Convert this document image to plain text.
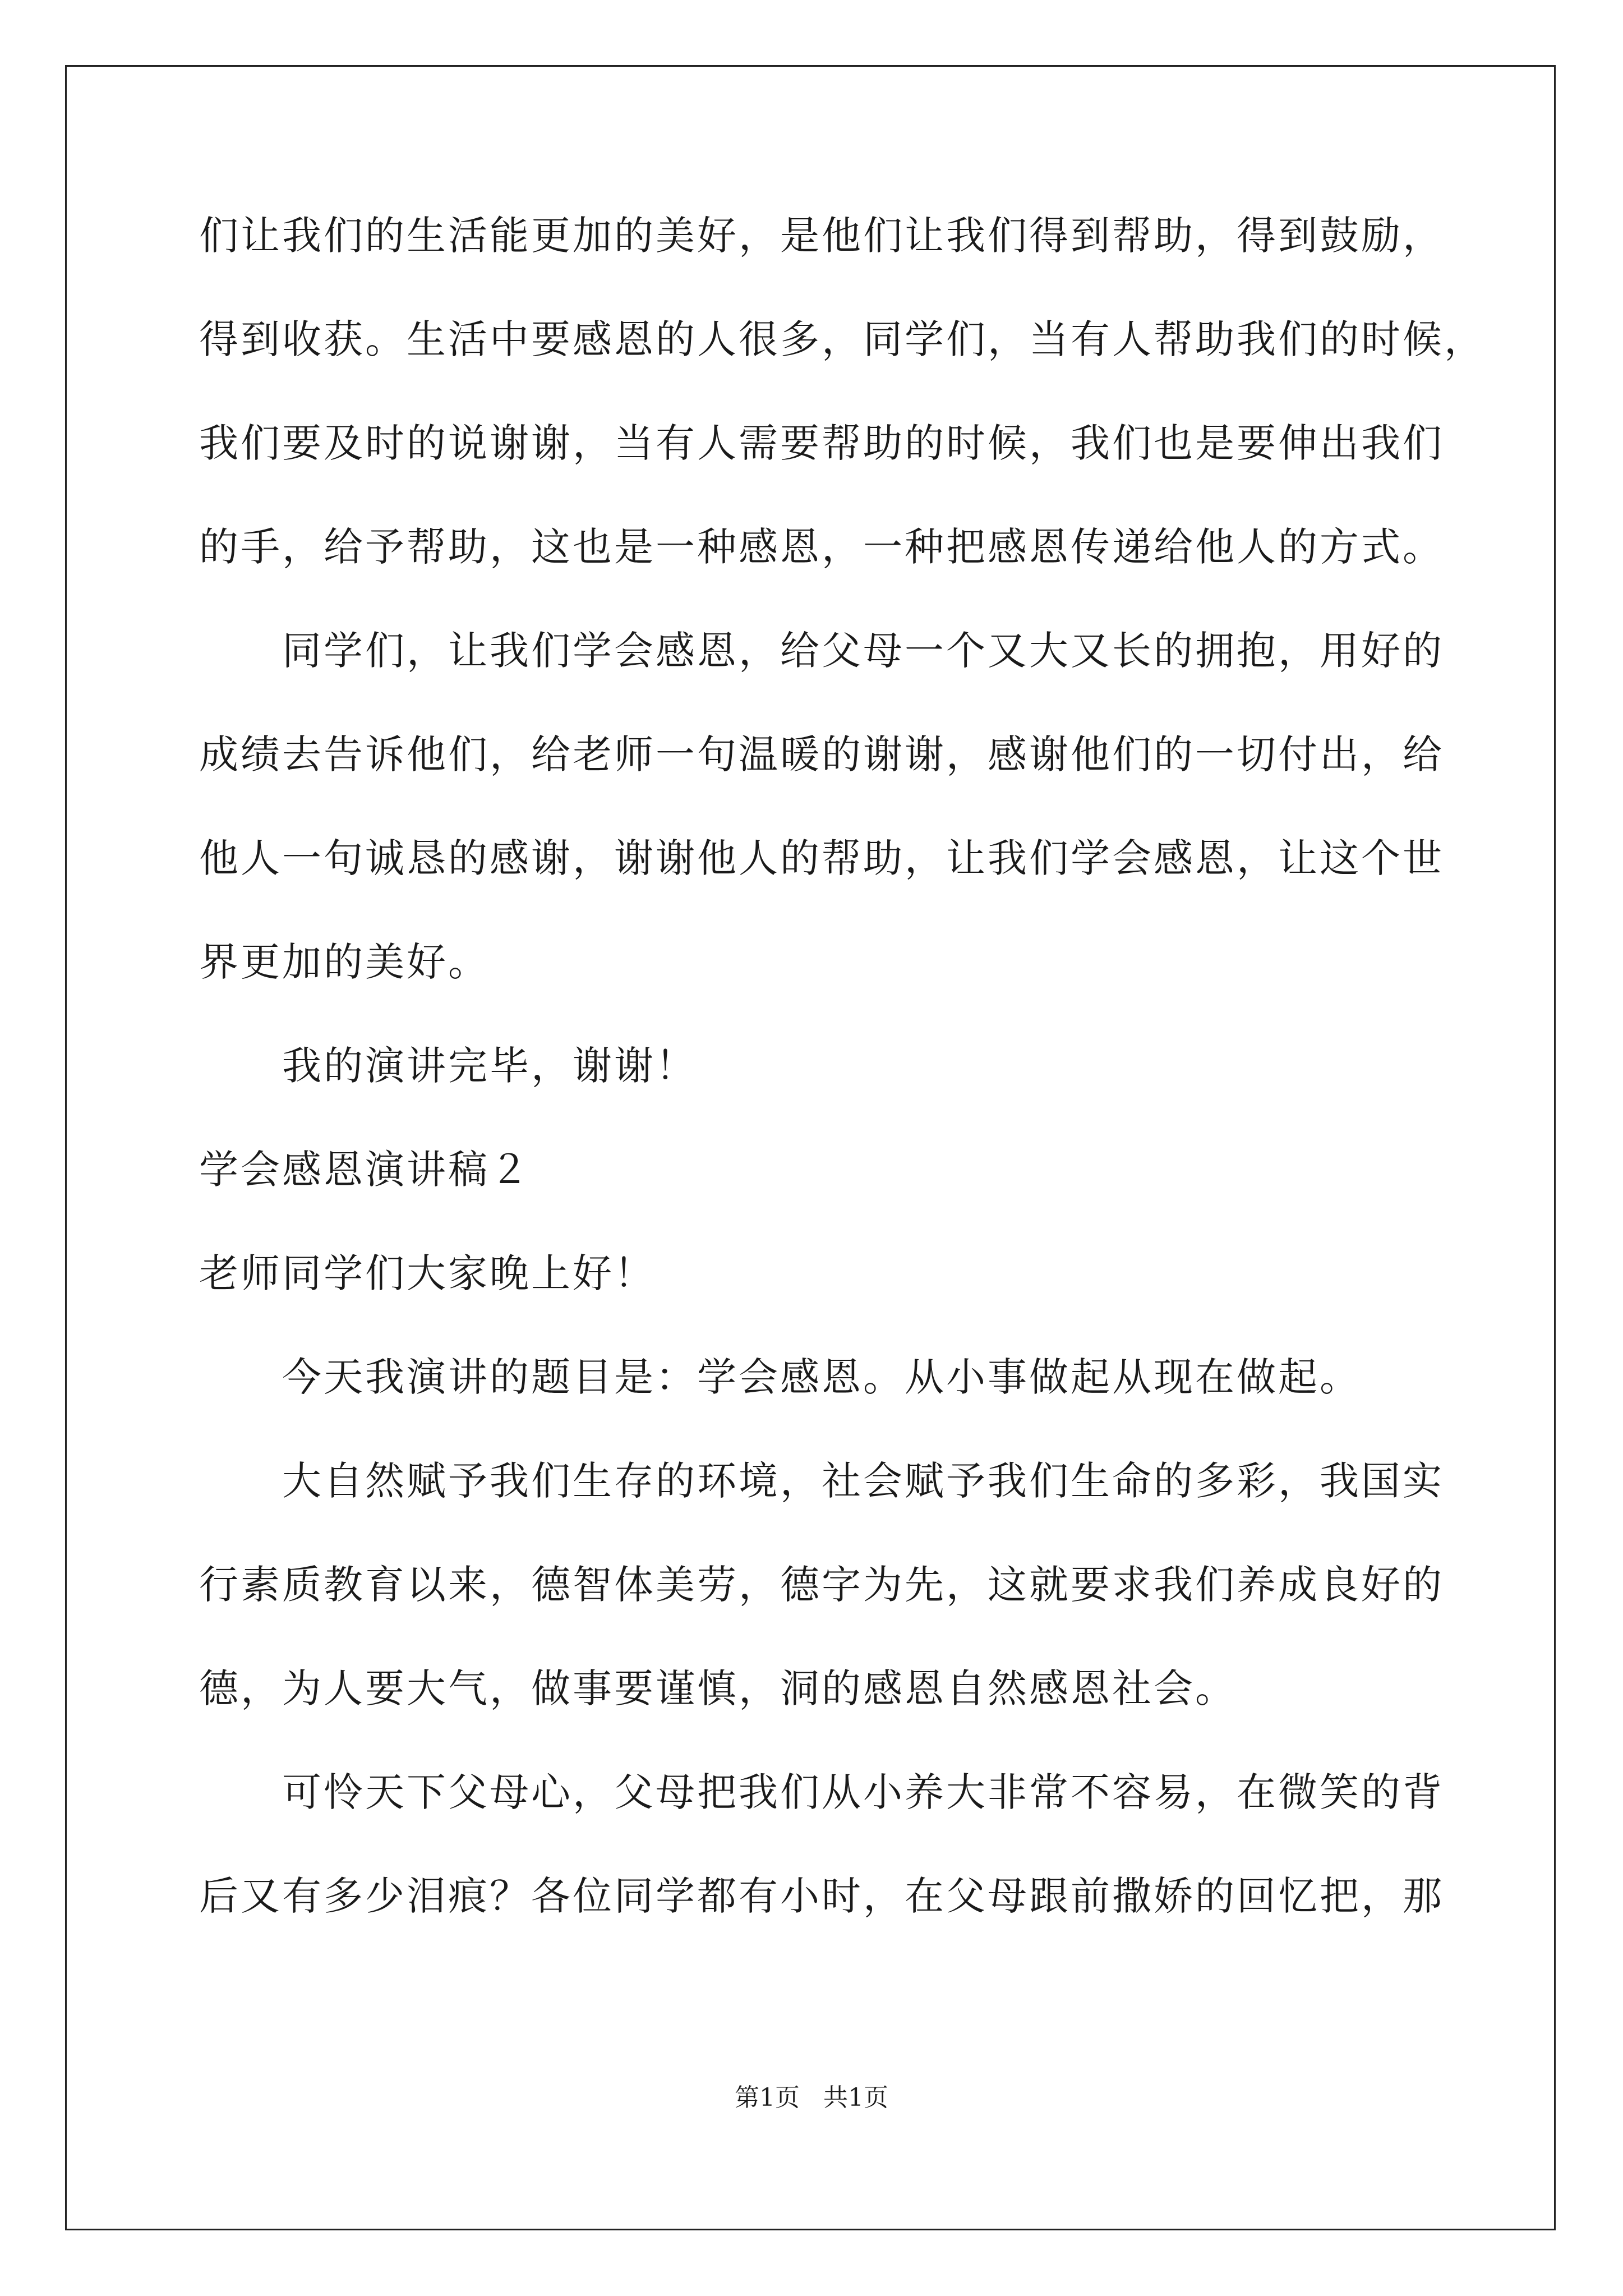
们让我们的生活能更加的美好，是他们让我们得到帮助，得到鼓励，
得到收获。生活中要感恩的人很多，同学们，当有人帮助我们的时候，
我们要及时的说谢谢，当有人需要帮助的时候，我们也是要伸出我们
的手，给予帮助，这也是一种感恩，一种把感恩传递给他人的方式。
　　同学们，让我们学会感恩，给父母一个又大又长的拥抱，用好的
成绩去告诉他们，给老师一句温暖的谢谢，感谢他们的一切付出，给
他人一句诚恳的感谢，谢谢他人的帮助，让我们学会感恩，让这个世
界更加的美好。
　　我的演讲完毕，谢谢！
学会感恩演讲稿２
老师同学们大家晚上好！
　　今天我演讲的题目是：学会感恩。从小事做起从现在做起。
　　大自然赋予我们生存的环境，社会赋予我们生命的多彩，我国实
行素质教育以来，德智体美劳，德字为先，这就要求我们养成良好的
德，为人要大气，做事要谨慎，洞的感恩自然感恩社会。
　　可怜天下父母心，父母把我们从小养大非常不容易，在微笑的背
后又有多少泪痕？各位同学都有小时，在父母跟前撒娇的回忆把，那
第1页   共1页
